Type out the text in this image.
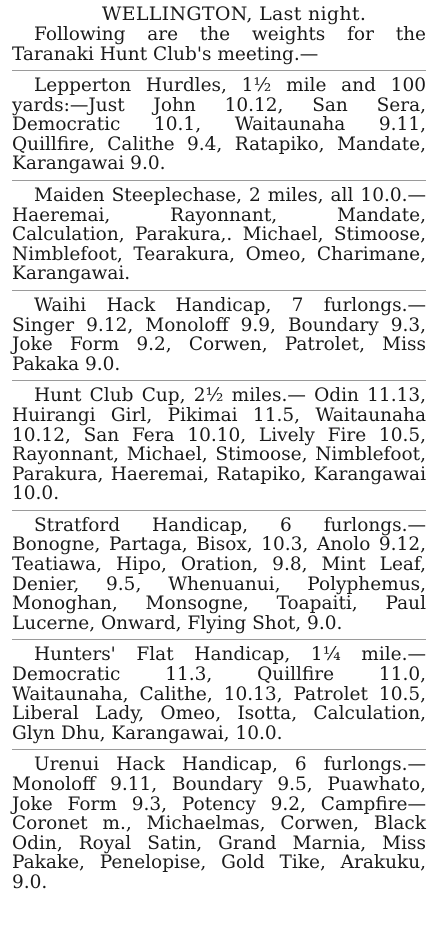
WELLINGTON, Last night.

Following are the weights for the Taranaki Hunt Club's meeting.—

Lepperton Hurdles, 1½ mile and 100 yards:—Just John 10.12, San Sera, Democratic 10.1, Waitaunaha 9.11, Quillfire, Calithe 9.4, Ratapiko, Mandate, Karangawai 9.0.

Maiden Steeplechase, 2 miles, all 10.0.—Haeremai, Rayonnant, Mandate, Calculation, Parakura,. Michael, Stimoose, Nimblefoot, Tearakura, Omeo, Charimane, Karangawai.

Waihi Hack Handicap, 7 furlongs.—Singer 9.12, Monoloff 9.9, Boundary 9.3, Joke Form 9.2, Corwen, Patrolet, Miss Pakaka 9.0.

Hunt Club Cup, 2½ miles.— Odin 11.13, Huirangi Girl, Pikimai 11.5, Waitaunaha 10.12, San Fera 10.10, Lively Fire 10.5, Rayonnant, Michael, Stimoose, Nimblefoot, Parakura, Haeremai, Ratapiko, Karangawai 10.0.

Stratford Handicap, 6 furlongs.—Bonogne, Partaga, Bisox, 10.3, Anolo 9.12, Teatiawa, Hipo, Oration, 9.8, Mint Leaf, Denier, 9.5, Whenuanui, Polyphemus, Monoghan, Monsogne, Toapaiti, Paul Lucerne, Onward, Flying Shot, 9.0.

Hunters' Flat Handicap, 1¼ mile.—Democratic 11.3, Quillfire 11.0, Waitaunaha, Calithe, 10.13, Patrolet 10.5, Liberal Lady, Omeo, Isotta, Calculation, Glyn Dhu, Karangawai, 10.0.

Urenui Hack Handicap, 6 furlongs.—Monoloff 9.11, Boundary 9.5, Puawhato, Joke Form 9.3, Potency 9.2, Campfire—Coronet m., Michaelmas, Corwen, Black Odin, Royal Satin, Grand Marnia, Miss Pakake, Penelopise, Gold Tike, Arakuku, 9.0.
